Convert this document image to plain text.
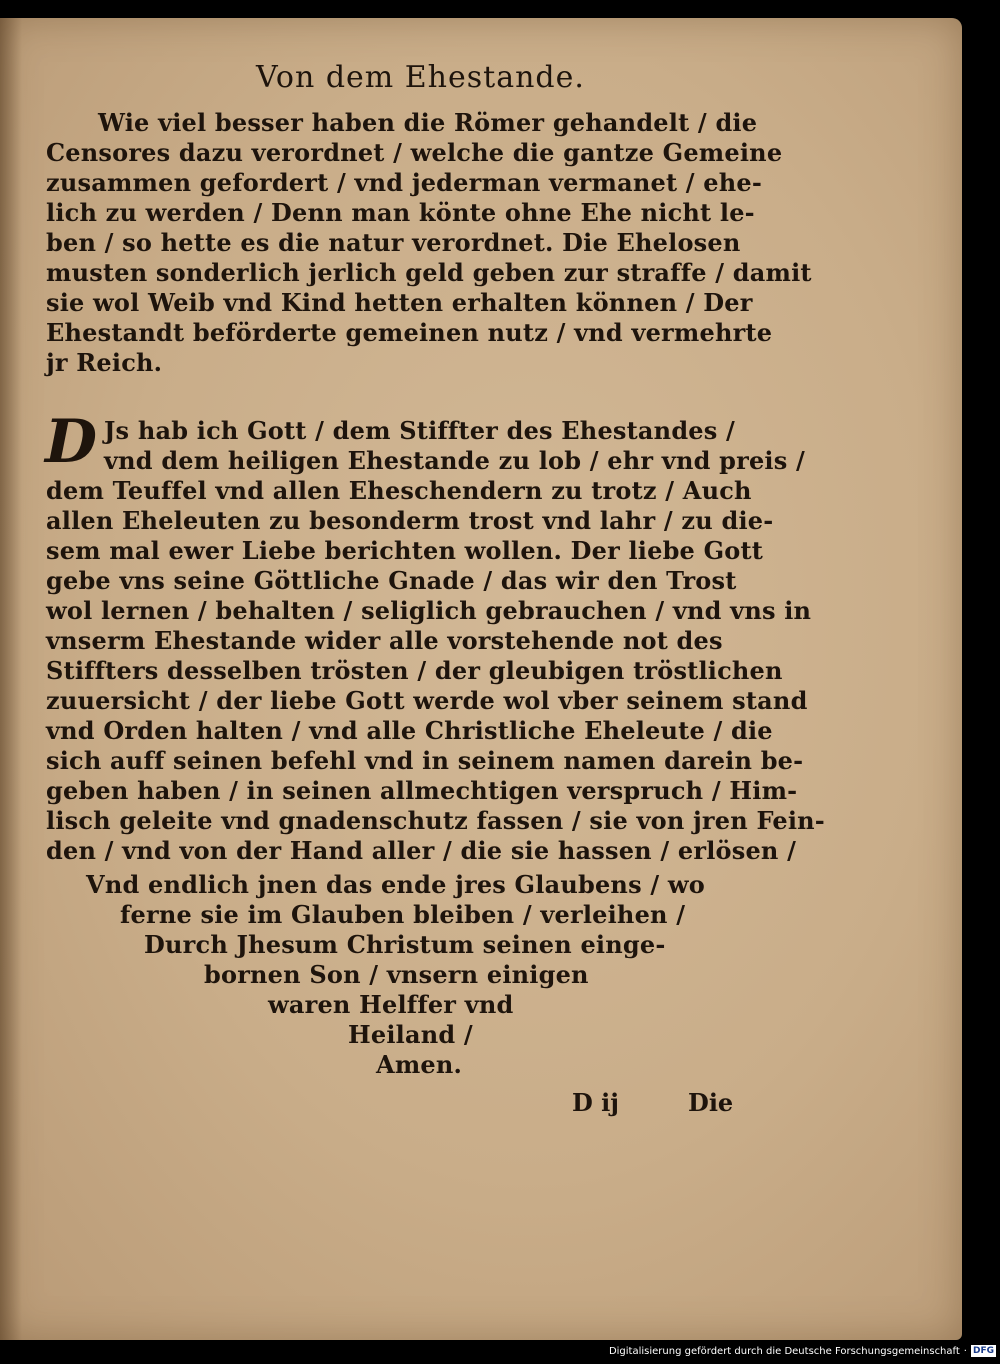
Von dem Ehestande.
Wie viel besser haben die Römer gehandelt / die
Censores dazu verordnet / welche die gantze Gemeine
zusammen gefordert / vnd jederman vermanet / ehe-
lich zu werden / Denn man könte ohne Ehe nicht le-
ben / so hette es die natur verordnet. Die Ehelosen
musten sonderlich jerlich geld geben zur straffe / damit
sie wol Weib vnd Kind hetten erhalten können / Der
Ehestandt beförderte gemeinen nutz / vnd vermehrte
jr Reich.
D Js hab ich Gott / dem Stiffter des Ehestandes /
vnd dem heiligen Ehestande zu lob / ehr vnd preis /
dem Teuffel vnd allen Eheschendern zu trotz / Auch
allen Eheleuten zu besonderm trost vnd lahr / zu die-
sem mal ewer Liebe berichten wollen. Der liebe Gott
gebe vns seine Göttliche Gnade / das wir den Trost
wol lernen / behalten / seliglich gebrauchen / vnd vns in
vnserm Ehestande wider alle vorstehende not des
Stiffters desselben trösten / der gleubigen tröstlichen
zuuersicht / der liebe Gott werde wol vber seinem stand
vnd Orden halten / vnd alle Christliche Eheleute / die
sich auff seinen befehl vnd in seinem namen darein be-
geben haben / in seinen allmechtigen verspruch / Him-
lisch geleite vnd gnadenschutz fassen / sie von jren Fein-
den / vnd von der Hand aller / die sie hassen / erlösen /
Vnd endlich jnen das ende jres Glaubens / wo
ferne sie im Glauben bleiben / verleihen /
Durch Jhesum Christum seinen einge-
bornen Son / vnsern einigen
waren Helffer vnd
Heiland /
Amen.
D ij	Die
Digitalisierung gefördert durch die Deutsche Forschungsgemeinschaft · DFG
